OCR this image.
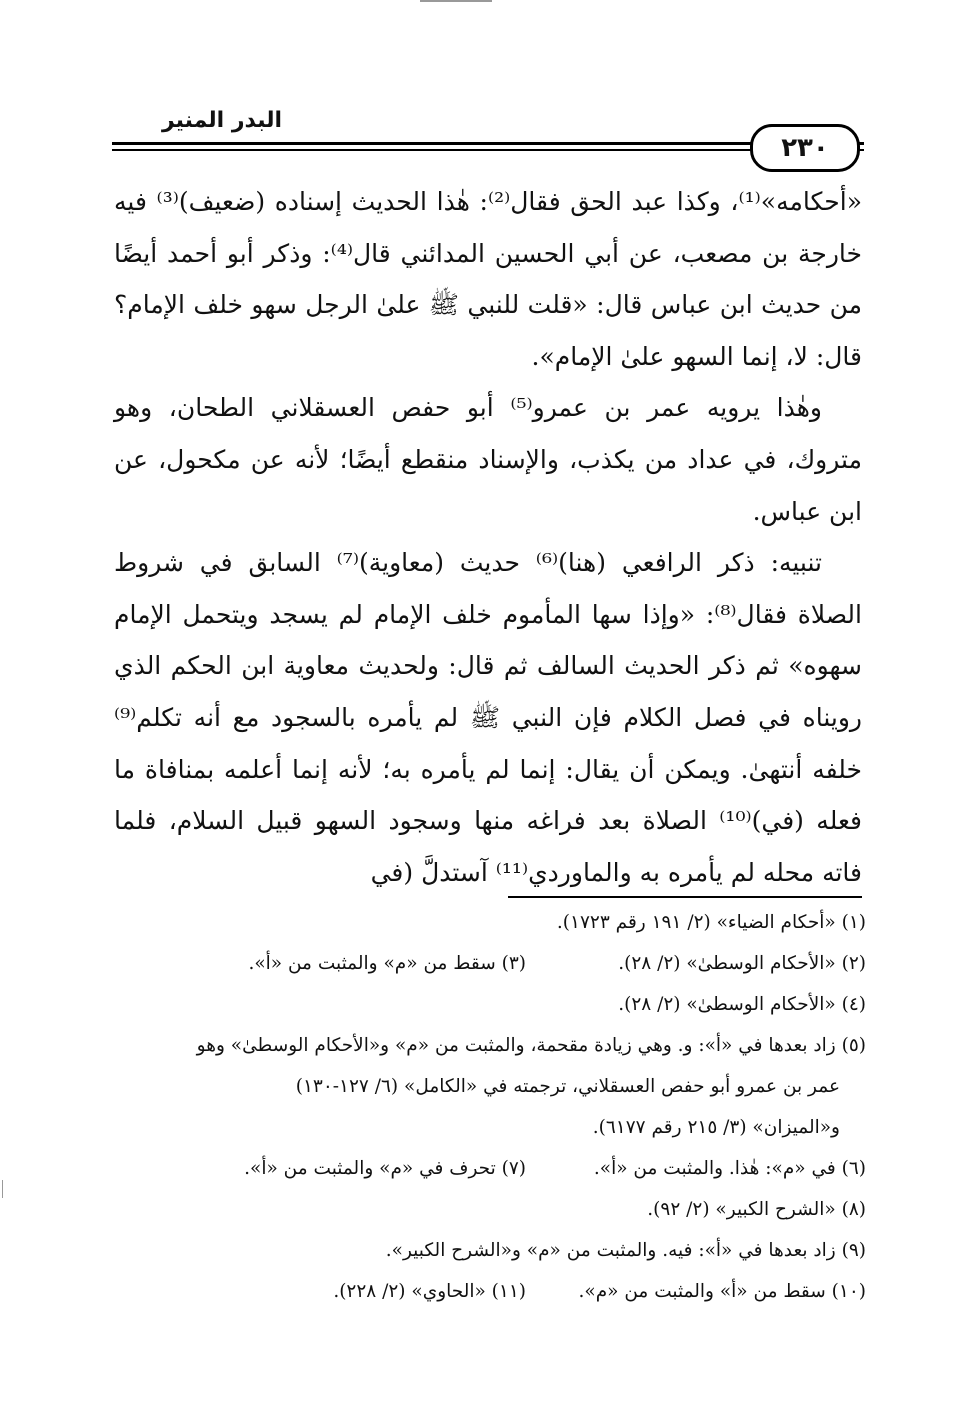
البدر المنير
٢٣٠

«أحكامه»⁽¹⁾، وكذا عبد الحق فقال⁽²⁾: هٰذا الحديث إسناده (ضعيف)⁽³⁾ فيه خارجة بن مصعب، عن أبي الحسين المدائني قال⁽⁴⁾: وذكر أبو أحمد أيضًا من حديث ابن عباس قال: «قلت للنبي ﷺ علىٰ الرجل سهو خلف الإمام؟ قال: لا، إنما السهو علىٰ الإمام».

وهٰذا يرويه عمر بن عمرو⁽⁵⁾ أبو حفص العسقلاني الطحان، وهو متروك، في عداد من يكذب، والإسناد منقطع أيضًا؛ لأنه عن مكحول، عن ابن عباس.

تنبيه: ذكر الرافعي (هنا)⁽⁶⁾ حديث (معاوية)⁽⁷⁾ السابق في شروط الصلاة فقال⁽⁸⁾: «وإذا سها المأموم خلف الإمام لم يسجد ويتحمل الإمام سهوه» ثم ذكر الحديث السالف ثم قال: ولحديث معاوية ابن الحكم الذي رويناه في فصل الكلام فإن النبي ﷺ لم يأمره بالسجود مع أنه تكلم⁽⁹⁾ خلفه أنتهىٰ. ويمكن أن يقال: إنما لم يأمره به؛ لأنه إنما أعلمه بمنافاة ما فعله (في)⁽¹⁰⁾ الصلاة بعد فراغه منها وسجود السهو قبيل السلام، فلما فاته محله لم يأمره به والماوردي⁽¹¹⁾ آستدلَّ (في

(١) «أحكام الضياء» (٢/ ١٩١ رقم ١٧٢٣).

(٢) «الأحكام الوسطىٰ» (٢/ ٢٨).

(٣) سقط من «م» والمثبت من «أ».

(٤) «الأحكام الوسطىٰ» (٢/ ٢٨).

(٥) زاد بعدها في «أ»: و. وهي زيادة مقحمة، والمثبت من «م» و«الأحكام الوسطىٰ» وهو

عمر بن عمرو أبو حفص العسقلاني، ترجمته في «الكامل» (٦/ ١٢٧-١٣٠)

و«الميزان» (٣/ ٢١٥ رقم ٦١٧٧).

(٦) في «م»: هٰذا. والمثبت من «أ».

(٧) تحرف في «م» والمثبت من «أ».

(٨) «الشرح الكبير» (٢/ ٩٢).

(٩) زاد بعدها في «أ»: فيه. والمثبت من «م» و«الشرح الكبير».

(١٠) سقط من «أ» والمثبت من «م».

(١١) «الحاوي» (٢/ ٢٢٨).
